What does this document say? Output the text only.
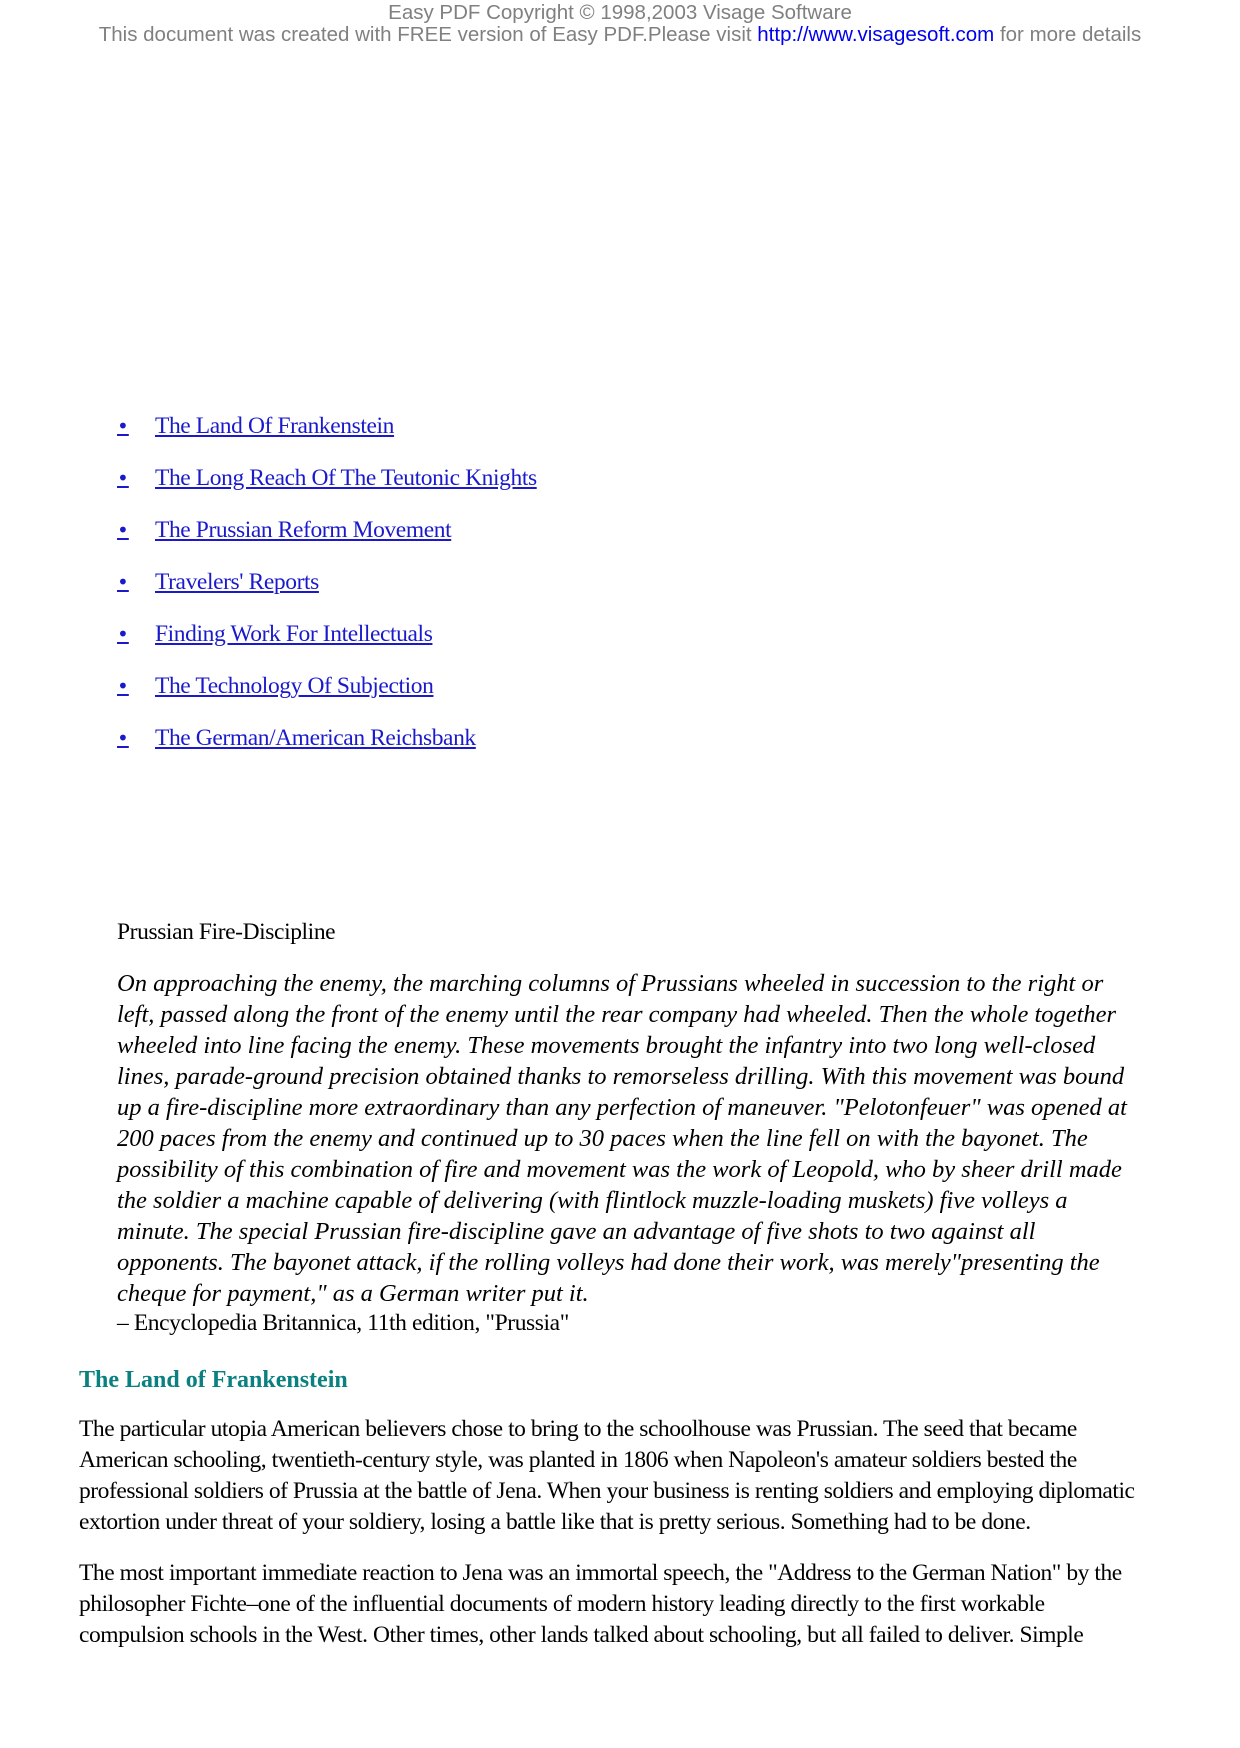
Easy PDF Copyright © 1998,2003 Visage Software
This document was created with FREE version of Easy PDF.Please visit http://www.visagesoft.com for more details
• The Land Of Frankenstein
• The Long Reach Of The Teutonic Knights
• The Prussian Reform Movement
• Travelers' Reports
• Finding Work For Intellectuals
• The Technology Of Subjection
• The German/American Reichsbank

Prussian Fire-Discipline

On approaching the enemy, the marching columns of Prussians wheeled in succession to the right or left, passed along the front of the enemy until the rear company had wheeled. Then the whole together wheeled into line facing the enemy. These movements brought the infantry into two long well-closed lines, parade-ground precision obtained thanks to remorseless drilling. With this movement was bound up a fire-discipline more extraordinary than any perfection of maneuver. "Pelotonfeuer" was opened at 200 paces from the enemy and continued up to 30 paces when the line fell on with the bayonet. The possibility of this combination of fire and movement was the work of Leopold, who by sheer drill made the soldier a machine capable of delivering (with flintlock muzzle-loading muskets) five volleys a minute. The special Prussian fire-discipline gave an advantage of five shots to two against all opponents. The bayonet attack, if the rolling volleys had done their work, was merely"presenting the cheque for payment," as a German writer put it.

– Encyclopedia Britannica, 11th edition, "Prussia"

The Land of Frankenstein

The particular utopia American believers chose to bring to the schoolhouse was Prussian. The seed that became American schooling, twentieth-century style, was planted in 1806 when Napoleon's amateur soldiers bested the professional soldiers of Prussia at the battle of Jena. When your business is renting soldiers and employing diplomatic extortion under threat of your soldiery, losing a battle like that is pretty serious. Something had to be done.

The most important immediate reaction to Jena was an immortal speech, the "Address to the German Nation" by the philosopher Fichte–one of the influential documents of modern history leading directly to the first workable compulsion schools in the West. Other times, other lands talked about schooling, but all failed to deliver. Simple
